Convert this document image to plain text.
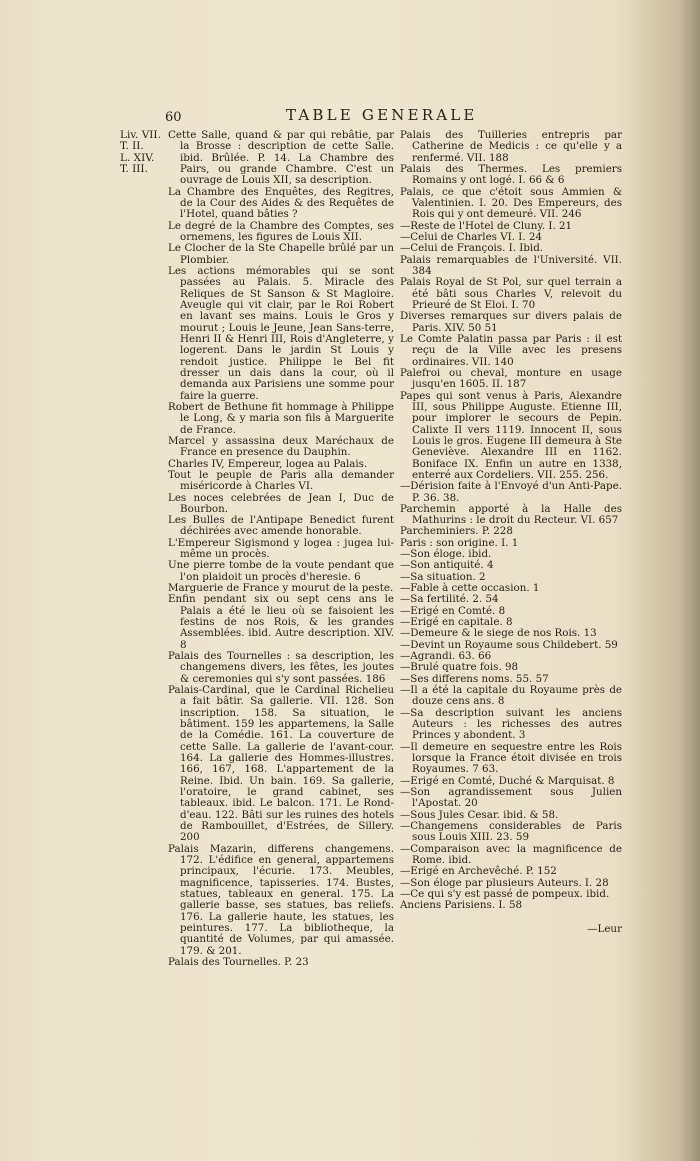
60	TABLE GENERALE
Liv. VII.
T. II.
L. XIV.
T. III.

Cette Salle, quand & par qui rebâtie, par la Brosse : description de cette Salle. ibid. Brûlée. P. 14. La Chambre des Pairs, ou grande Chambre. C'est un ouvrage de Louis XII, sa description.

La Chambre des Enquêtes, des Regitres, de la Cour des Aides & des Requêtes de l'Hotel, quand bâties ?

Le degré de la Chambre des Comptes, ses ornemens, les figures de Louis XII.

Le Clocher de la Ste Chapelle brûlé par un Plombier.

Les actions mémorables qui se sont passées au Palais. 5. Miracle des Reliques de St Sanson & St Magloire. Aveugle qui vit clair, par le Roi Robert en lavant ses mains. Louis le Gros y mourut ; Louis le Jeune, Jean Sans-terre, Henri II & Henri III, Rois d'Angleterre, y logerent. Dans le jardin St Louis y rendoit justice. Philippe le Bel fit dresser un dais dans la cour, où il demanda aux Parisiens une somme pour faire la guerre.

Robert de Bethune fit hommage à Philippe le Long, & y maria son fils à Marguerite de France.

Marcel y assassina deux Maréchaux de France en presence du Dauphin.

Charles IV, Empereur, logea au Palais.

Tout le peuple de Paris alla demander miséricorde à Charles VI.

Les noces celebrées de Jean I, Duc de Bourbon.

Les Bulles de l'Antipape Benedict furent déchirées avec amende honorable.

L'Empereur Sigismond y logea : jugea lui-même un procès.

Une pierre tombe de la voute pendant que l'on plaidoit un procès d'heresie. 6

Marguerie de France y mourut de la peste.

Enfin pendant six ou sept cens ans le Palais a été le lieu où se faisoient les festins de nos Rois, & les grandes Assemblées. ibid. Autre description. XIV. 8

Palais des Tournelles : sa description, les changemens divers, les fêtes, les joutes & ceremonies qui s'y sont passées. 186

Palais-Cardinal, que le Cardinal Richelieu a fait bâtir. Sa gallerie. VII. 128. Son inscription. 158. Sa situation, le bâtiment. 159 les appartemens, la Salle de la Comédie. 161. La couverture de cette Salle. La gallerie de l'avant-cour. 164. La gallerie des Hommes-illustres. 166, 167, 168. L'appartement de la Reine. Ibid. Un bain. 169. Sa gallerie, l'oratoire, le grand cabinet, ses tableaux. ibid. Le balcon. 171. Le Rond-d'eau. 122. Bâti sur les ruines des hotels de Rambouillet, d'Estrées, de Sillery. 200

Palais Mazarin, differens changemens. 172. L'édifice en general, appartemens principaux, l'écurie. 173. Meubles, magnificence, tapisseries. 174. Bustes, statues, tableaux en general. 175. La gallerie basse, ses statues, bas reliefs. 176. La gallerie haute, les statues, les peintures. 177. La bibliotheque, la quantité de Volumes, par qui amassée. 179. & 201.

Palais des Tournelles. P. 23

Palais des Tuilleries entrepris par Catherine de Medicis : ce qu'elle y a renfermé. VII. 188

Palais des Thermes. Les premiers Romains y ont logé. I. 66 & 6

Palais, ce que c'étoit sous Ammien & Valentinien. I. 20. Des Empereurs, des Rois qui y ont demeuré. VII. 246

—Reste de l'Hotel de Cluny. I. 21

—Celui de Charles VI. I. 24

—Celui de François. I. Ibid.

Palais remarquables de l'Université. VII. 384

Palais Royal de St Pol, sur quel terrain a été bâti sous Charles V, relevoit du Prieuré de St Eloi. I. 70

Diverses remarques sur divers palais de Paris. XIV. 50 51

Le Comte Palatin passa par Paris : il est reçu de la Ville avec les presens ordinaires. VII. 140

Palefroi ou cheval, monture en usage jusqu'en 1605. II. 187

Papes qui sont venus à Paris, Alexandre III, sous Philippe Auguste. Etienne III, pour implorer le secours de Pepin. Calixte II vers 1119. Innocent II, sous Louis le gros. Eugene III demeura à Ste Geneviève. Alexandre III en 1162. Boniface IX. Enfin un autre en 1338, enterré aux Cordeliers. VII. 255. 256.

—Dérision faite à l'Envoyé d'un Anti-Pape. P. 36. 38.

Parchemin apporté à la Halle des Mathurins : le droit du Recteur. VI. 657

Parcheminiers. P. 228

Paris : son origine. I. 1

—Son éloge. ibid.

—Son antiquité. 4

—Sa situation. 2

—Fable à cette occasion. 1

—Sa fertilité. 2. 54

—Erigé en Comté. 8

—Erigé en capitale. 8

—Demeure & le siege de nos Rois. 13

—Devint un Royaume sous Childebert. 59

—Agrandi. 63. 66

—Brulé quatre fois. 98

—Ses differens noms. 55. 57

—Il a été la capitale du Royaume près de douze cens ans. 8

—Sa description suivant les anciens Auteurs : les richesses des autres Princes y abondent. 3

—Il demeure en sequestre entre les Rois lorsque la France étoit divisée en trois Royaumes. 7 63.

—Erigé en Comté, Duché & Marquisat. 8

—Son agrandissement sous Julien l'Apostat. 20

—Sous Jules Cesar. ibid. & 58.

—Changemens considerables de Paris sous Louis XIII. 23. 59

—Comparaison avec la magnificence de Rome. ibid.

—Erigé en Archevêché. P. 152

—Son éloge par plusieurs Auteurs. I. 28

—Ce qui s'y est passé de pompeux. ibid.

Anciens Parisiens. I. 58

—Leur
